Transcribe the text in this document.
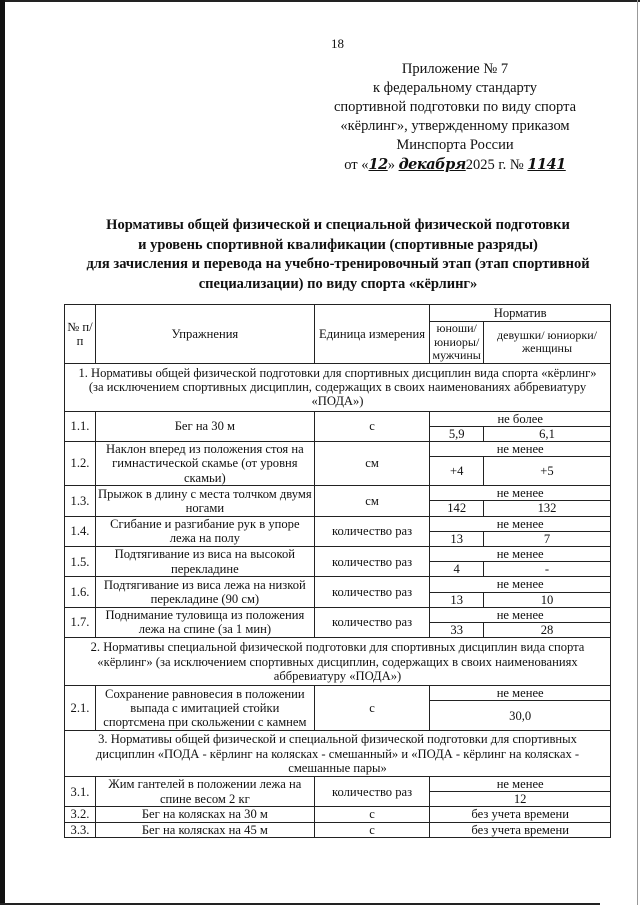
18
Приложение № 7
к федеральному стандарту
спортивной подготовки по виду спорта
«кёрлинг», утвержденному приказом
Минспорта России
от «12» декабря2025 г. № 1141
Нормативы общей физической и специальной физической подготовки
и уровень спортивной квалификации (спортивные разряды)
для зачисления и перевода на учебно-тренировочный этап (этап спортивной
специализации) по виду спорта «кёрлинг»
№ п/п	Упражнения	Единица измерения	Норматив	
			юноши/ юниоры/ мужчины	девушки/ юниорки/ женщины

1. Нормативы общей физической подготовки для спортивных дисциплин вида спорта «кёрлинг» (за исключением спортивных дисциплин, содержащих в своих наименованиях аббревиатуру «ПОДА»)				

1.1.	Бег на 30 м	с	не более	
			5,9	6,1
1.2.	Наклон вперед из положения стоя на гимнастической скамье (от уровня скамьи)	см	не менее	
			+4	+5
1.3.	Прыжок в длину с места толчком двумя ногами	см	не менее	
			142	132
1.4.	Сгибание и разгибание рук в упоре лежа на полу	количество раз	не менее	
			13	7
1.5.	Подтягивание из виса на высокой перекладине	количество раз	не менее	
			4	-
1.6.	Подтягивание из виса лежа на низкой перекладине (90 см)	количество раз	не менее	
			13	10
1.7.	Поднимание туловища из положения лежа на спине (за 1 мин)	количество раз	не менее	
			33	28

2. Нормативы специальной физической подготовки для спортивных дисциплин вида спорта «кёрлинг» (за исключением спортивных дисциплин, содержащих в своих наименованиях аббревиатуру «ПОДА»)				

2.1.	Сохранение равновесия в положении выпада с имитацией стойки спортсмена при скольжении с камнем	с	не менее	
			30,0	

3. Нормативы общей физической и специальной физической подготовки для спортивных дисциплин «ПОДА - кёрлинг на колясках - смешанный» и «ПОДА - кёрлинг на колясках - смешанные пары»				

3.1.	Жим гантелей в положении лежа на спине весом 2 кг	количество раз	не менее	
			12	
3.2.	Бег на колясках на 30 м	с	без учета времени	
3.3.	Бег на колясках на 45 м	с	без учета времени	
